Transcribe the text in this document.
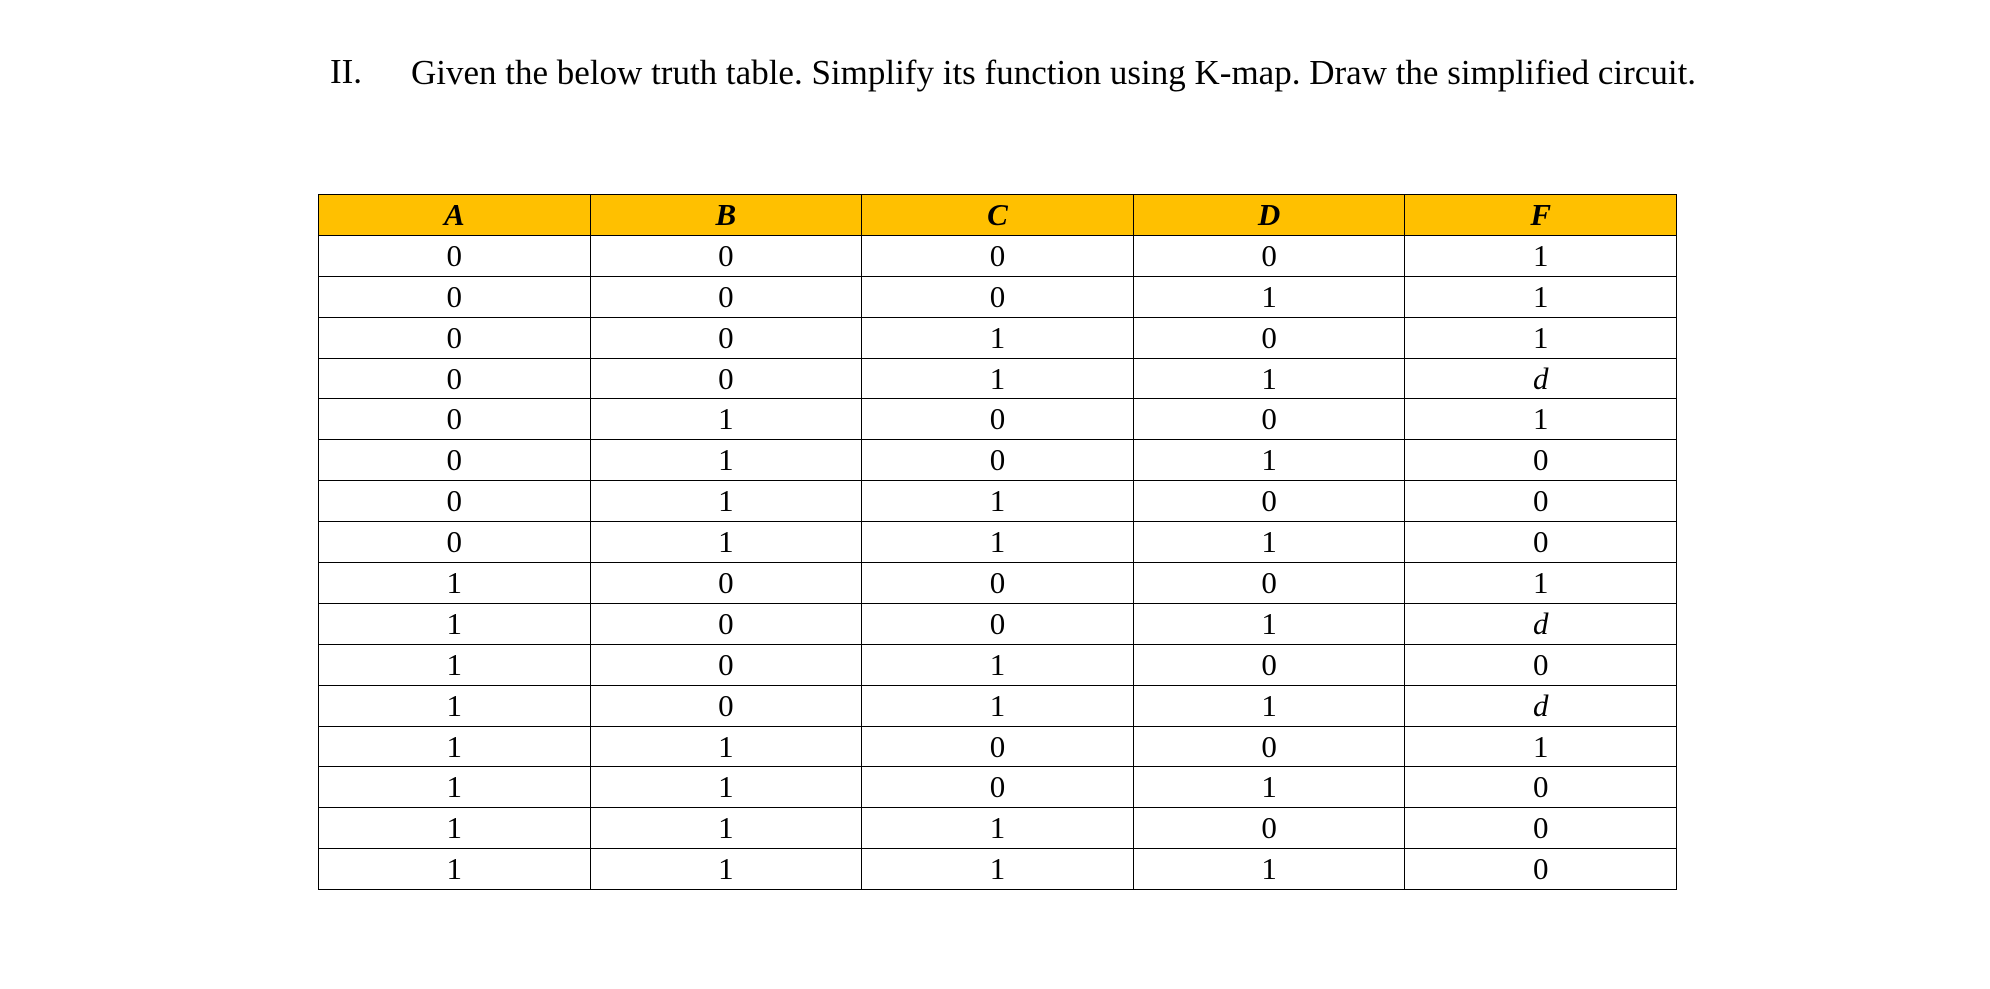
II. Given the below truth table. Simplify its function using K-map. Draw the simplified circuit.
A	B	C	D	F
0	0	0	0	1
0	0	0	1	1
0	0	1	0	1
0	0	1	1	d
0	1	0	0	1
0	1	0	1	0
0	1	1	0	0
0	1	1	1	0
1	0	0	0	1
1	0	0	1	d
1	0	1	0	0
1	0	1	1	d
1	1	0	0	1
1	1	0	1	0
1	1	1	0	0
1	1	1	1	0
